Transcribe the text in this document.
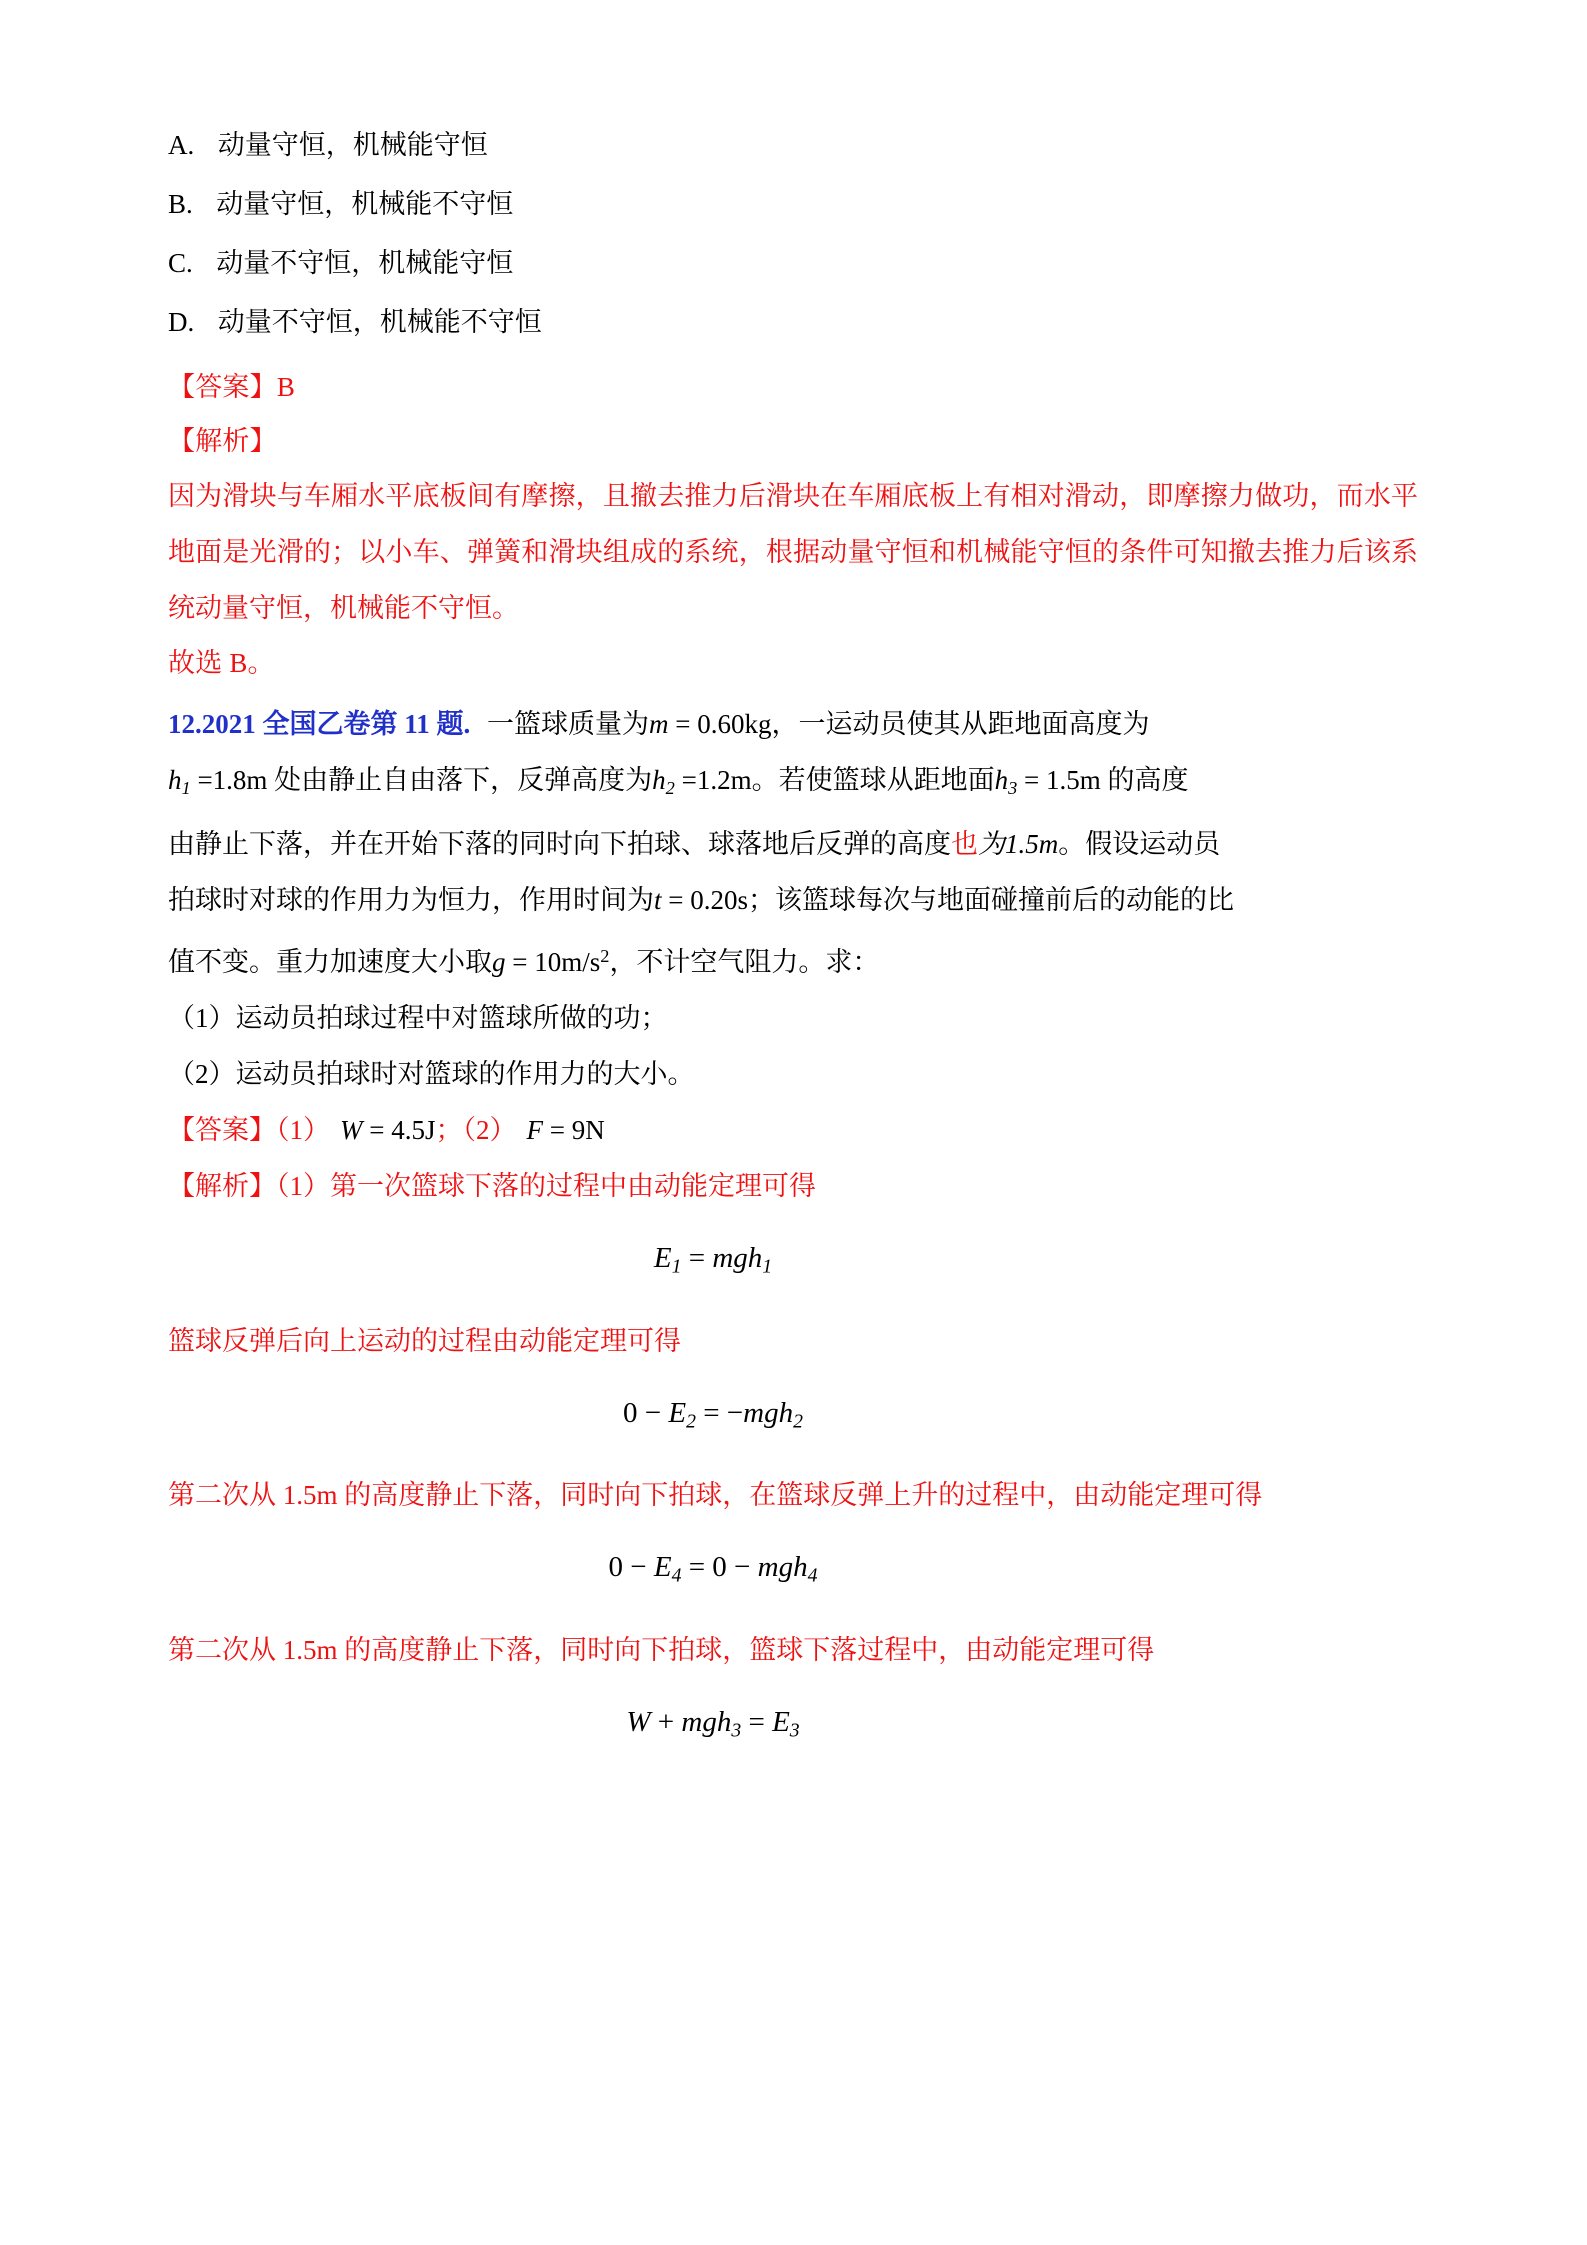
A. 动量守恒，机械能守恒
B. 动量守恒，机械能不守恒
C. 动量不守恒，机械能守恒
D. 动量不守恒，机械能不守恒
【答案】B
【解析】
因为滑块与车厢水平底板间有摩擦，且撤去推力后滑块在车厢底板上有相对滑动，即摩擦力做功，而水平地面是光滑的；以小车、弹簧和滑块组成的系统，根据动量守恒和机械能守恒的条件可知撤去推力后该系统动量守恒，机械能不守恒。
故选 B。
12.2021 全国乙卷第 11 题. 一篮球质量为m = 0.60kg，一运动员使其从距地面高度为
$h_1 =1.8m$ 处由静止自由落下，反弹高度为$h_2 =1.2m$。若使篮球从距地面$h_3 = 1.5m$ 的高度
由静止下落，并在开始下落的同时向下拍球、球落地后反弹的高度也为1.5m。假设运动员
拍球时对球的作用力为恒力，作用时间为t = 0.20s；该篮球每次与地面碰撞前后的动能的比
值不变。重力加速度大小取$g = 10m/s^2$，不计空气阻力。求：
（1）运动员拍球过程中对篮球所做的功；
（2）运动员拍球时对篮球的作用力的大小。
【答案】（1） W = 4.5J；（2） F = 9N
【解析】（1）第一次篮球下落的过程中由动能定理可得
$E_1 = mgh_1$
篮球反弹后向上运动的过程由动能定理可得
$0 - E_2 = -mgh_2$
第二次从 1.5m 的高度静止下落，同时向下拍球，在篮球反弹上升的过程中，由动能定理可得
$0 - E_4 = 0 - mgh_4$
第二次从 1.5m 的高度静止下落，同时向下拍球，篮球下落过程中，由动能定理可得
$W + mgh_3 = E_3$
